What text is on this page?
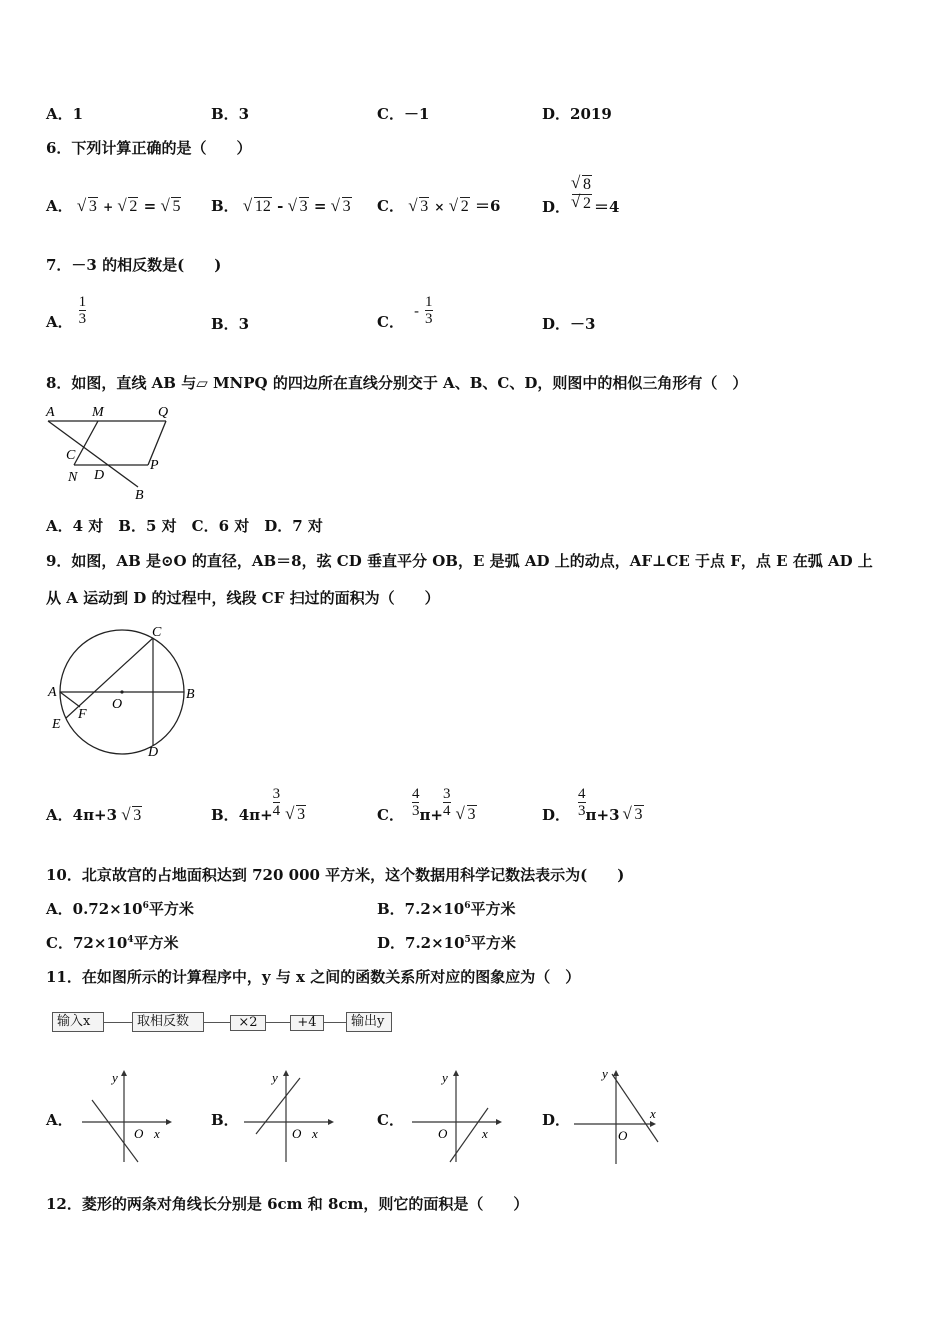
A．1	B．3	C．－1	D．2019
6．下列计算正确的是（　　）
A． √ 3 + √ 2 = √ 5 B． √ 12 - √ 3 = √ 3 C． √ 3 × √ 2 ＝6	D． √ 8
√ 2 ＝4
7．－3 的相反数是(　　)
A． $\frac{1}{3}$	B．3	C．
- $\frac{1}{3}$	D．－3
8．如图，直线 AB 与▱ MNPQ 的四边所在直线分别交于 A、B、C、D，则图中的相似三角形有（　）
A	M	Q
C
P
N D
B
A．4 对　B．5 对　C．6 对　D．7 对
9．如图，AB 是⊙O 的直径，AB＝8，弦 CD 垂直平分 OB，E 是弧 AD 上的动点，AF⊥CE 于点 F，点 E 在弧 AD 上
从 A 运动到 D 的过程中，线段 CF 扫过的面积为（　　）
C
A
O
B
F
E
D
A．4π+3 √ 3	B． $4\pi+ \frac{3}{4}$	√ 3	C． $\frac{4}{3} \pi+ \frac{3}{4}$	√ 3	D． $\frac{4}{3} \pi+3$ √ 3
10．北京故宫的占地面积达到 720 000 平方米，这个数据用科学记数法表示为(　　)
A．$0.72\times 10^6$平方米	B．$7.2\times 10^6$平方米
C．$72\times 10^4$平方米	D．$7.2\times 10^5$平方米
11．在如图所示的计算程序中，y 与 x 之间的函数关系所对应的图象应为（　）
输入x	取相反数	×2	+4	输出y
A．
y
O x
B．
y
O x
C．
y
O	x
D．
y
O
x
12．菱形的两条对角线长分别是 6cm 和 8cm，则它的面积是（　　）
